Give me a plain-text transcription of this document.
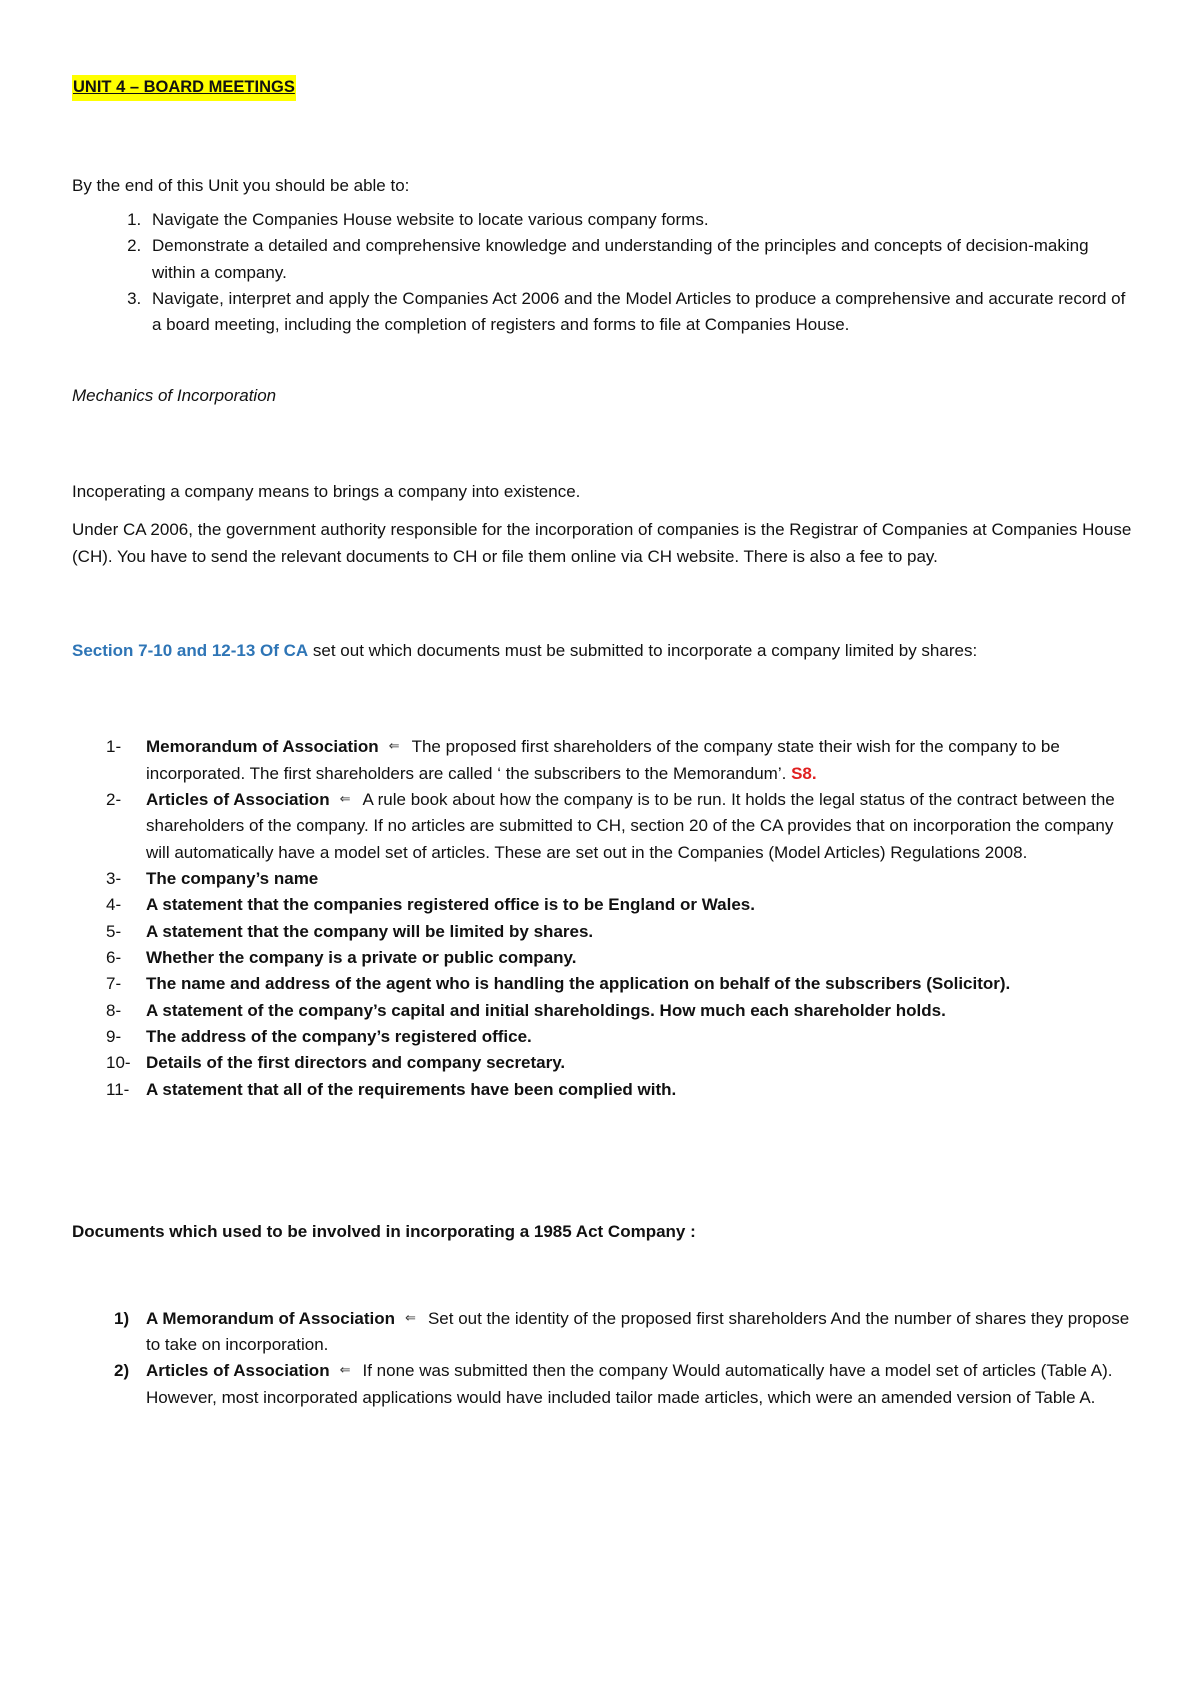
UNIT 4 – BOARD MEETINGS

By the end of this Unit you should be able to:

1. Navigate the Companies House website to locate various company forms.
2. Demonstrate a detailed and comprehensive knowledge and understanding of the principles and concepts of decision-making within a company.
3. Navigate, interpret and apply the Companies Act 2006 and the Model Articles to produce a comprehensive and accurate record of a board meeting, including the completion of registers and forms to file at Companies House.

Mechanics of Incorporation

Incoperating a company means to brings a company into existence.

Under CA 2006, the government authority responsible for the incorporation of companies is the Registrar of Companies at Companies House (CH). You have to send the relevant documents to CH or file them online via CH website. There is also a fee to pay.

Section 7-10 and 12-13 Of CA set out which documents must be submitted to incorporate a company limited by shares:

1-	Memorandum of Association ⇐ The proposed first shareholders of the company state their wish for the company to be incorporated. The first shareholders are called ‘ the subscribers to the Memorandum’. S8.
2-	Articles of Association ⇐ A rule book about how the company is to be run. It holds the legal status of the contract between the shareholders of the company. If no articles are submitted to CH, section 20 of the CA provides that on incorporation the company will automatically have a model set of articles. These are set out in the Companies (Model Articles) Regulations 2008.
3-	The company’s name
4-	A statement that the companies registered office is to be England or Wales.
5-	A statement that the company will be limited by shares.
6-	Whether the company is a private or public company.
7-	The name and address of the agent who is handling the application on behalf of the subscribers (Solicitor).
8-	A statement of the company’s capital and initial shareholdings. How much each shareholder holds.
9-	The address of the company’s registered office.
10- Details of the first directors and company secretary.
11- A statement that all of the requirements have been complied with.

Documents which used to be involved in incorporating a 1985 Act Company :

1) A Memorandum of Association ⇐ Set out the identity of the proposed first shareholders And the number of shares they propose to take on incorporation.
2) Articles of Association ⇐ If none was submitted then the company Would automatically have a model set of articles (Table A). However, most incorporated applications would have included tailor made articles, which were an amended version of Table A.
